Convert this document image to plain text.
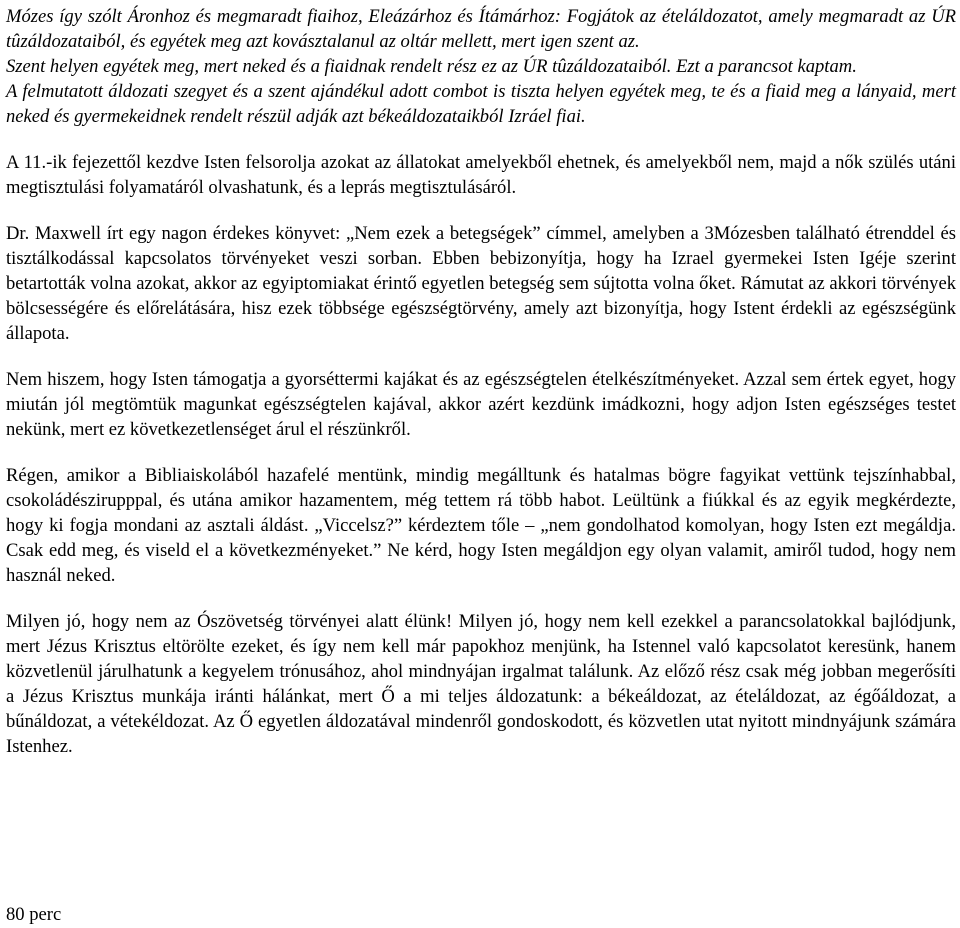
Mózes így szólt Áronhoz és megmaradt fiaihoz, Eleázárhoz és Ítámárhoz: Fogjátok az ételáldozatot, amely megmaradt az ÚR tûzáldozataiból, és egyétek meg azt kovásztalanul az oltár mellett, mert igen szent az.

Szent helyen egyétek meg, mert neked és a fiaidnak rendelt rész ez az ÚR tûzáldozataiból. Ezt a parancsot kaptam.

A felmutatott áldozati szegyet és a szent ajándékul adott combot is tiszta helyen egyétek meg, te és a fiaid meg a lányaid, mert neked és gyermekeidnek rendelt részül adják azt békeáldozataikból Izráel fiai.

A 11.-ik fejezettől kezdve Isten felsorolja azokat az állatokat amelyekből ehetnek, és amelyekből nem, majd a nők szülés utáni megtisztulási folyamatáról olvashatunk, és a leprás megtisztulásáról.

Dr. Maxwell írt egy nagon érdekes könyvet: „Nem ezek a betegségek” címmel, amelyben a 3Mózesben található étrenddel és tisztálkodással kapcsolatos törvényeket veszi sorban. Ebben bebizonyítja, hogy ha Izrael gyermekei Isten Igéje szerint betartották volna azokat, akkor az egyiptomiakat érintő egyetlen betegség sem sújtotta volna őket. Rámutat az akkori törvények bölcsességére és előrelátására, hisz ezek többsége egészségtörvény, amely azt bizonyítja, hogy Istent érdekli az egészségünk állapota.

Nem hiszem, hogy Isten támogatja a gyorséttermi kajákat és az egészségtelen ételkészítményeket. Azzal sem értek egyet, hogy miután jól megtömtük magunkat egészségtelen kajával, akkor azért kezdünk imádkozni, hogy adjon Isten egészséges testet nekünk, mert ez következetlenséget árul el részünkről.

Régen, amikor a Bibliaiskolából hazafelé mentünk, mindig megálltunk és hatalmas bögre fagyikat vettünk tejszínhabbal, csokoládészirupppal, és utána amikor hazamentem, még tettem rá több habot. Leültünk a fiúkkal és az egyik megkérdezte, hogy ki fogja mondani az asztali áldást. „Viccelsz?” kérdeztem tőle – „nem gondolhatod komolyan, hogy Isten ezt megáldja. Csak edd meg, és viseld el a következményeket.” Ne kérd, hogy Isten megáldjon egy olyan valamit, amiről tudod, hogy nem használ neked.

Milyen jó, hogy nem az Ószövetség törvényei alatt élünk! Milyen jó, hogy nem kell ezekkel a parancsolatokkal bajlódjunk, mert Jézus Krisztus eltörölte ezeket, és így nem kell már papokhoz menjünk, ha Istennel való kapcsolatot keresünk, hanem közvetlenül járulhatunk a kegyelem trónusához, ahol mindnyájan irgalmat találunk. Az előző rész csak még jobban megerősíti a Jézus Krisztus munkája iránti hálánkat, mert Ő a mi teljes áldozatunk: a békeáldozat, az ételáldozat, az égőáldozat, a bűnáldozat, a vétekéldozat. Az Ő egyetlen áldozatával mindenről gondoskodott, és közvetlen utat nyitott mindnyájunk számára Istenhez.

80 perc
